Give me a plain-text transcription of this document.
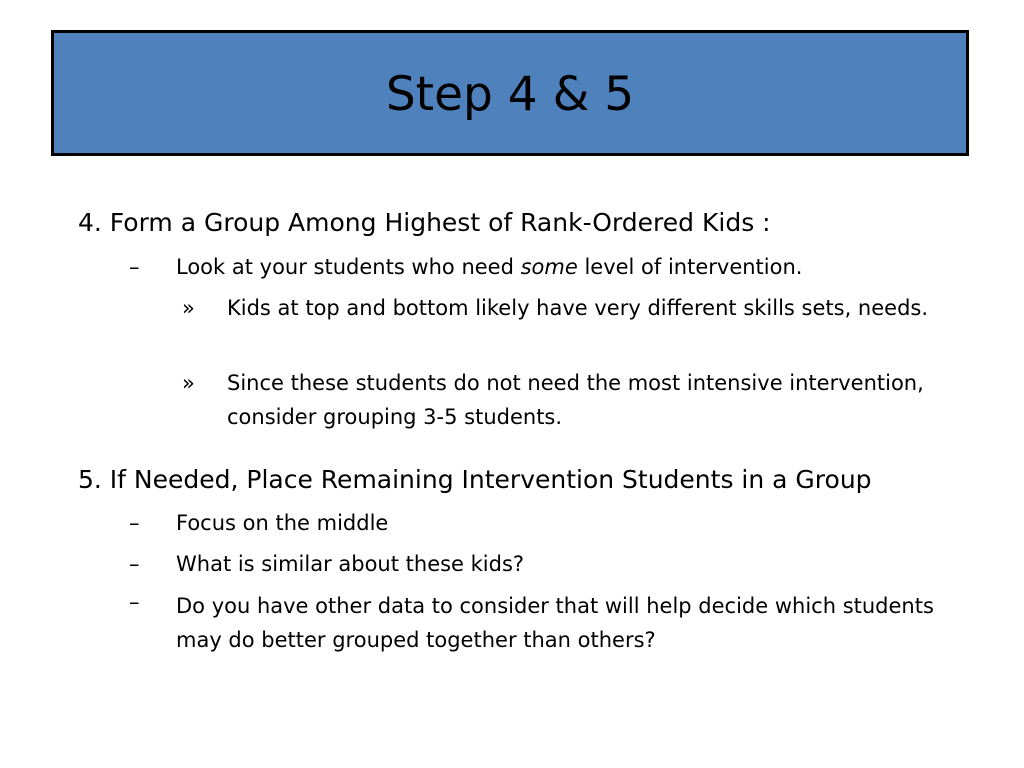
Step 4 & 5
4. Form a Group Among Highest of Rank-Ordered Kids :
– Look at your students who need some level of intervention.
» Kids at top and bottom likely have very different skills sets, needs.
» Since these students do not need the most intensive intervention, consider grouping 3-5 students.
5. If Needed, Place Remaining Intervention Students in a Group
– Focus on the middle
– What is similar about these kids?
– Do you have other data to consider that will help decide which students may do better grouped together than others?
